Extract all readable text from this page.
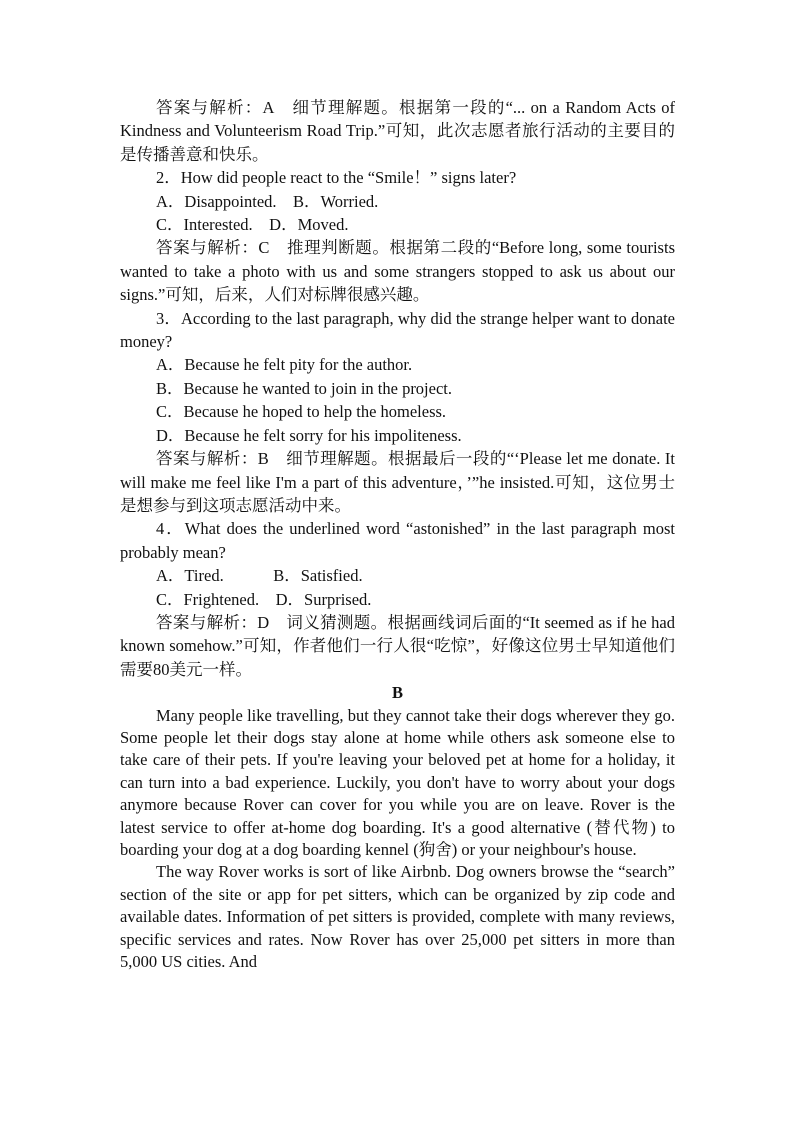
答案与解析：A　细节理解题。根据第一段的“... on a Random Acts of Kindness and Volunteerism Road Trip.”可知，此次志愿者旅行活动的主要目的是传播善意和快乐。

2．How did people react to the “Smile！” signs later?

A．Disappointed.　B．Worried.

C．Interested.　D．Moved.

答案与解析：C　推理判断题。根据第二段的“Before long, some tourists wanted to take a photo with us and some strangers stopped to ask us about our signs.”可知，后来，人们对标牌很感兴趣。

3．According to the last paragraph, why did the strange helper want to donate money?

A．Because he felt pity for the author.

B．Because he wanted to join in the project.

C．Because he hoped to help the homeless.

D．Because he felt sorry for his impoliteness.

答案与解析：B　细节理解题。根据最后一段的“‘Please let me donate. It will make me feel like I'm a part of this adventure，’”he insisted.可知，这位男士是想参与到这项志愿活动中来。

4．What does the underlined word “astonished” in the last paragraph most probably mean?

A．Tired.　　　B．Satisfied.

C．Frightened.　D．Surprised.

答案与解析：D　词义猜测题。根据画线词后面的“It seemed as if he had known somehow.”可知，作者他们一行人很“吃惊”，好像这位男士早知道他们需要80美元一样。

B

Many people like travelling, but they cannot take their dogs wherever they go. Some people let their dogs stay alone at home while others ask someone else to take care of their pets. If you're leaving your beloved pet at home for a holiday, it can turn into a bad experience. Luckily, you don't have to worry about your dogs anymore because Rover can cover for you while you are on leave. Rover is the latest service to offer at-home dog boarding. It's a good alternative (替代物) to boarding your dog at a dog boarding kennel (狗舍) or your neighbour's house.

The way Rover works is sort of like Airbnb. Dog owners browse the “search” section of the site or app for pet sitters, which can be organized by zip code and available dates. Information of pet sitters is provided, complete with many reviews, specific services and rates. Now Rover has over 25,000 pet sitters in more than 5,000 US cities. And
